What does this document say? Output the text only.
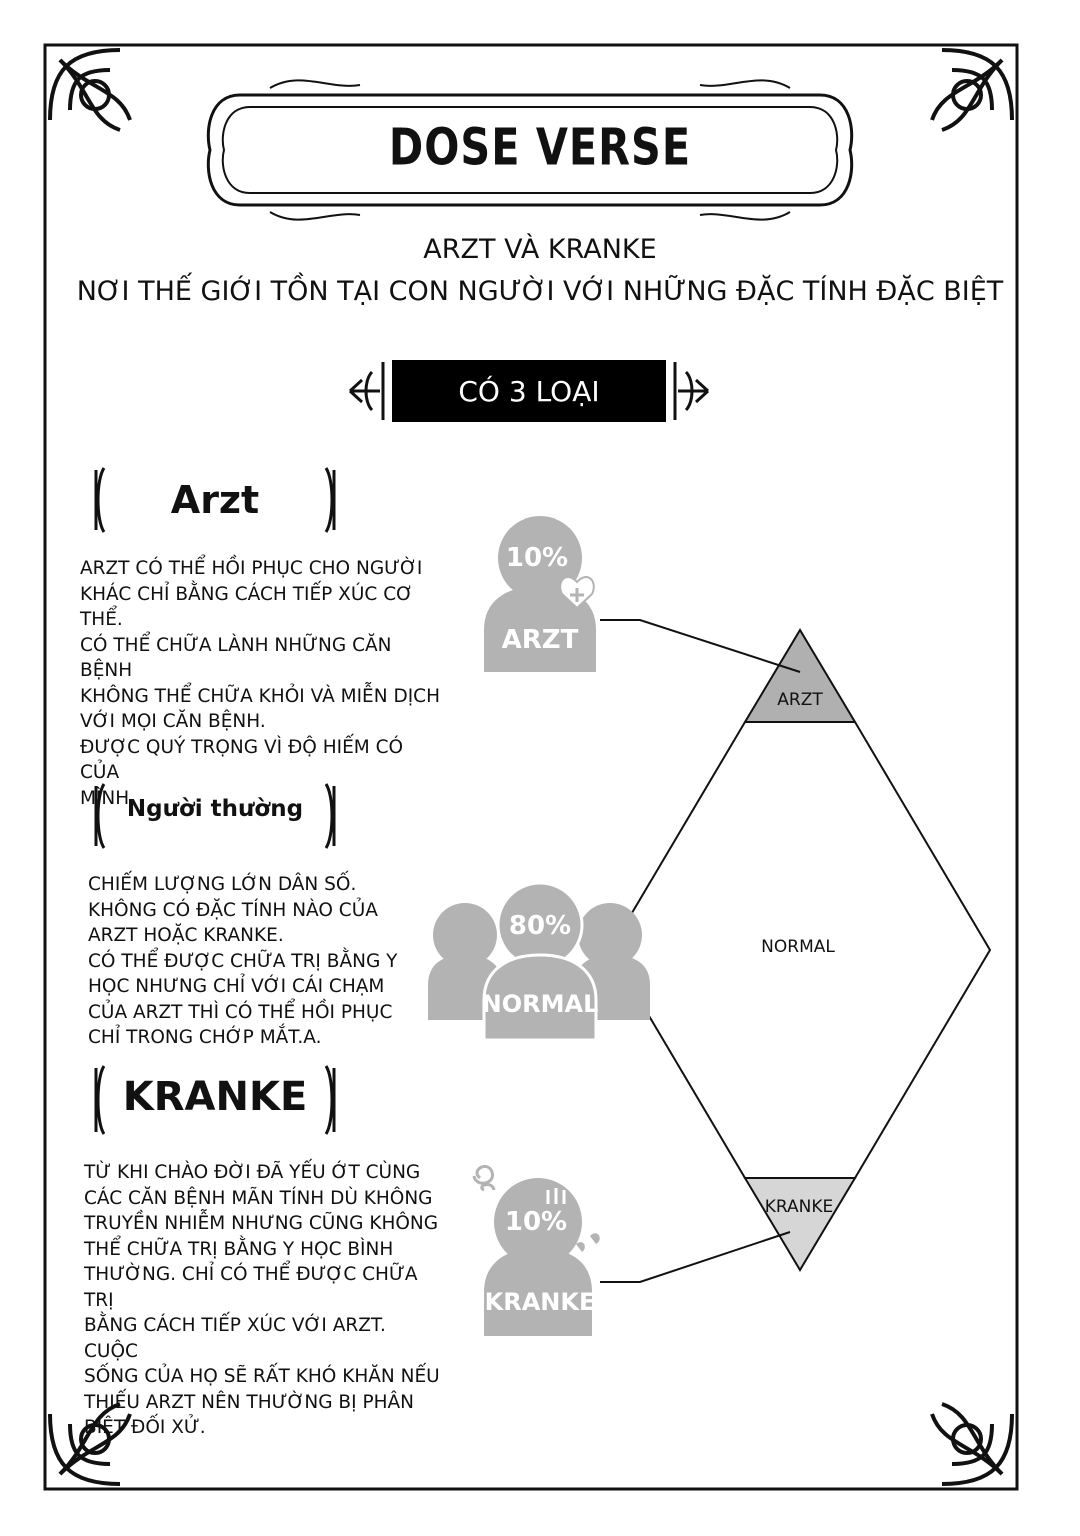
ARZT
NORMAL
KRANKE
10%
ARZT
80%
NORMAL
10%
KRANKE
DOSE VERSE
ARZT VÀ KRANKE
NƠI THẾ GIỚI TỒN TẠI CON NGƯỜI VỚI NHỮNG ĐẶC TÍNH ĐẶC BIỆT
CÓ 3 LOẠI
Arzt
ARZT CÓ THỂ HỒI PHỤC CHO NGƯỜI
KHÁC CHỈ BẰNG CÁCH TIẾP XÚC CƠ THỂ.
CÓ THỂ CHỮA LÀNH NHỮNG CĂN BỆNH
KHÔNG THỂ CHỮA KHỎI VÀ MIỄN DỊCH
VỚI MỌI CĂN BỆNH.
ĐƯỢC QUÝ TRỌNG VÌ ĐỘ HIẾM CÓ CỦA
MÌNH.
Người thường
CHIẾM LƯỢNG LỚN DÂN SỐ.
KHÔNG CÓ ĐẶC TÍNH NÀO CỦA
ARZT HOẶC KRANKE.
CÓ THỂ ĐƯỢC CHỮA TRỊ BẰNG Y
HỌC NHƯNG CHỈ VỚI CÁI CHẠM
CỦA ARZT THÌ CÓ THỂ HỒI PHỤC
CHỈ TRONG CHỚP MẮT.A.
KRANKE
TỪ KHI CHÀO ĐỜI ĐÃ YẾU ỚT CÙNG
CÁC CĂN BỆNH MÃN TÍNH DÙ KHÔNG
TRUYỀN NHIỄM NHƯNG CŨNG KHÔNG
THỂ CHỮA TRỊ BẰNG Y HỌC BÌNH
THƯỜNG. CHỈ CÓ THỂ ĐƯỢC CHỮA TRỊ
BẰNG CÁCH TIẾP XÚC VỚI ARZT. CUỘC
SỐNG CỦA HỌ SẼ RẤT KHÓ KHĂN NẾU
THIẾU ARZT NÊN THƯỜNG BỊ PHÂN
BIỆT ĐỐI XỬ.
